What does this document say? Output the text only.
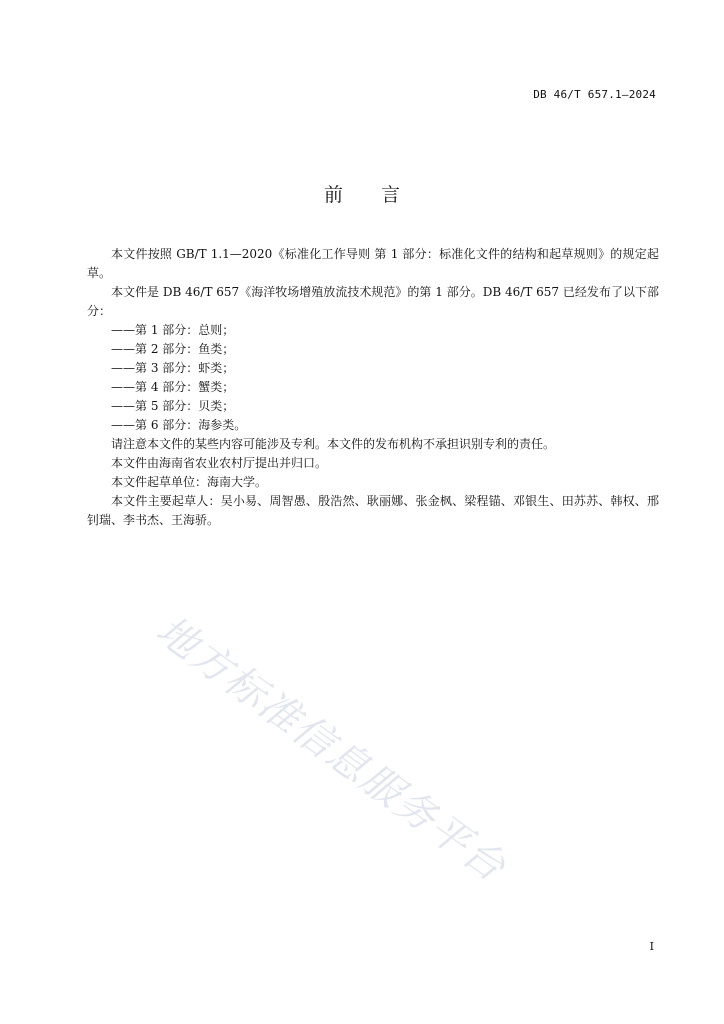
DB 46/T 657.1—2024
前言

本文件按照 GB/T 1.1—2020《标准化工作导则 第 1 部分：标准化文件的结构和起草规则》的规定起草。

本文件是 DB 46/T 657《海洋牧场增殖放流技术规范》的第 1 部分。DB 46/T 657 已经发布了以下部分：

——第 1 部分：总则；

——第 2 部分：鱼类；

——第 3 部分：虾类；

——第 4 部分：蟹类；

——第 5 部分：贝类；

——第 6 部分：海参类。

请注意本文件的某些内容可能涉及专利。本文件的发布机构不承担识别专利的责任。

本文件由海南省农业农村厅提出并归口。

本文件起草单位：海南大学。

本文件主要起草人：吴小易、周智愚、殷浩然、耿丽娜、张金枫、梁程锚、邓银生、田苏苏、韩权、邢钊瑞、李书杰、王海骄。

地方标准信息服务平台
I
